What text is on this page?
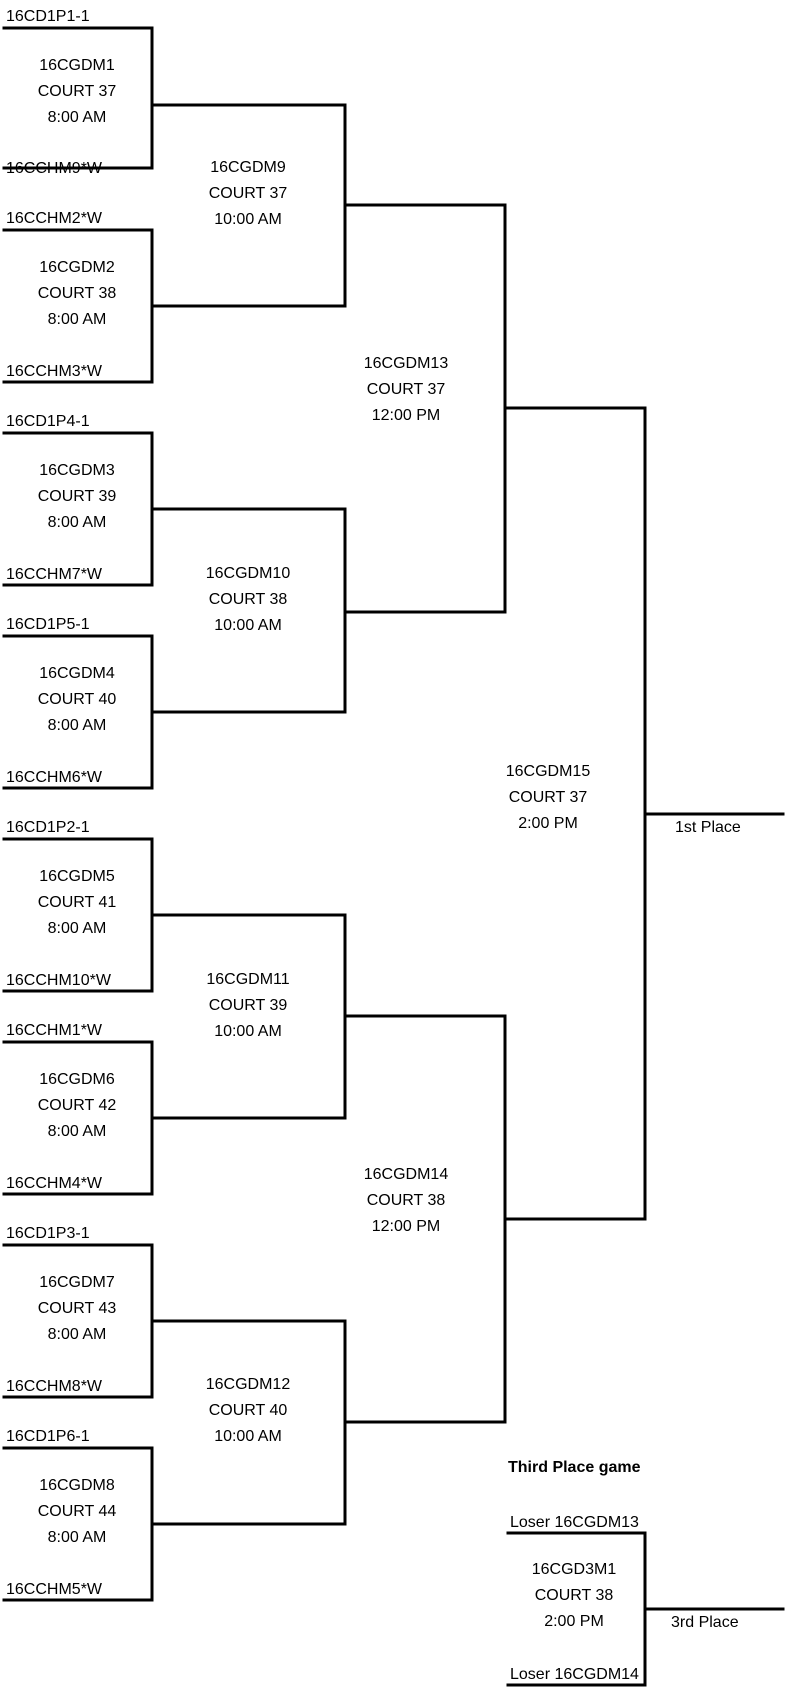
16CD1P1-1
16CCHM9*W
16CGDM1
COURT 37
8:00 AM
16CCHM2*W
16CCHM3*W
16CGDM2
COURT 38
8:00 AM
16CD1P4-1
16CCHM7*W
16CGDM3
COURT 39
8:00 AM
16CD1P5-1
16CCHM6*W
16CGDM4
COURT 40
8:00 AM
16CD1P2-1
16CCHM10*W
16CGDM5
COURT 41
8:00 AM
16CCHM1*W
16CCHM4*W
16CGDM6
COURT 42
8:00 AM
16CD1P3-1
16CCHM8*W
16CGDM7
COURT 43
8:00 AM
16CD1P6-1
16CCHM5*W
16CGDM8
COURT 44
8:00 AM
16CGDM9
COURT 37
10:00 AM
16CGDM10
COURT 38
10:00 AM
16CGDM11
COURT 39
10:00 AM
16CGDM12
COURT 40
10:00 AM
16CGDM13
COURT 37
12:00 PM
16CGDM14
COURT 38
12:00 PM
16CGDM15
COURT 37
2:00 PM	1st Place
Third Place game
Loser 16CGDM13
Loser 16CGDM14
16CGD3M1
COURT 38
2:00 PM	3rd Place
